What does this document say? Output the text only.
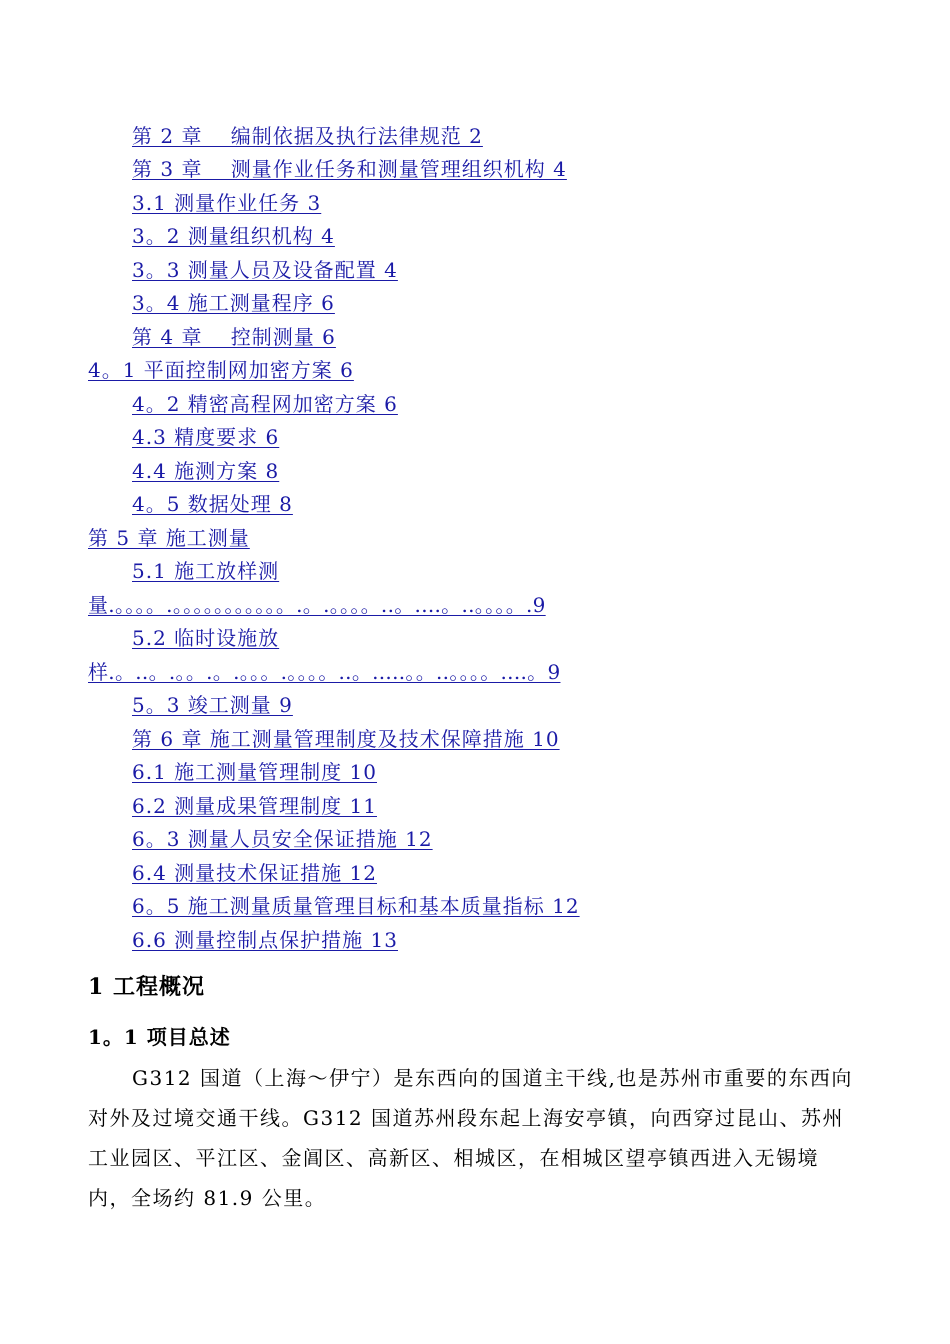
第 2 章　 编制依据及执行法律规范 2
第 3 章　 测量作业任务和测量管理组织机构 4
3.1 测量作业任务 3
3。2 测量组织机构 4
3。3 测量人员及设备配置 4
3。4 施工测量程序 6
第 4 章　 控制测量 6
4。1 平面控制网加密方案 6
4。2 精密高程网加密方案 6
4.3 精度要求 6
4.4 施测方案 8
4。5 数据处理 8
第 5 章 施工测量
5.1 施工放样测
量.。。。。.。。。。。。。。。。。.。.。。。。..。....。..。。。。.9
5.2 临时设施放
样.。..。.。。.。.。。。.。。。。..。.....。。..。。。。....。9
5。3 竣工测量 9
第 6 章 施工测量管理制度及技术保障措施 10
6.1 施工测量管理制度 10
6.2 测量成果管理制度 11
6。3 测量人员安全保证措施 12
6.4 测量技术保证措施 12
6。5 施工测量质量管理目标和基本质量指标 12
6.6 测量控制点保护措施 13
1 工程概况
1。1 项目总述
G312 国道（上海～伊宁）是东西向的国道主干线,也是苏州市重要的东西向
对外及过境交通干线。G312 国道苏州段东起上海安亭镇，向西穿过昆山、苏州
工业园区、平江区、金阊区、高新区、相城区，在相城区望亭镇西进入无锡境
内，全场约 81.9 公里。
